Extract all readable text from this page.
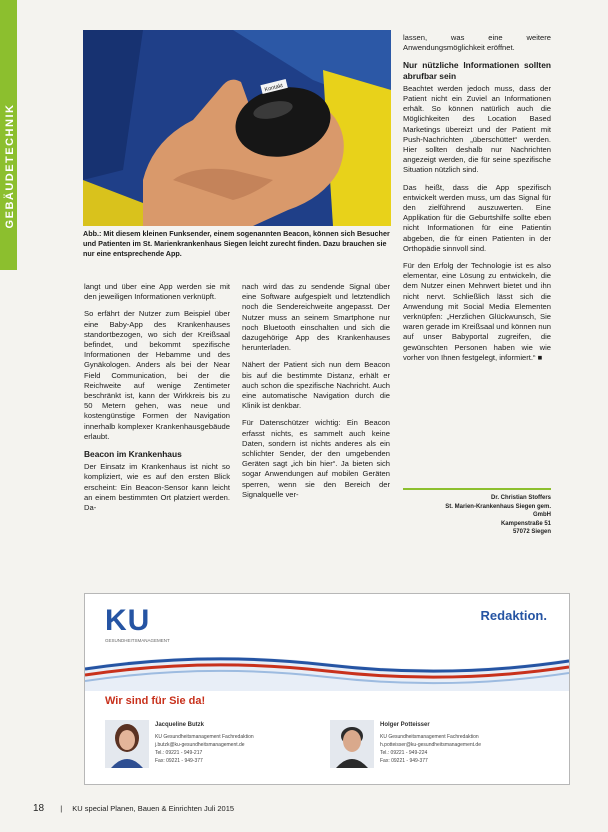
GEBÄUDETECHNIK
Kontakt
Abb.: Mit diesem kleinen Funksender, einem sogenannten Beacon, können sich Besucher und Patienten im St. Marienkrankenhaus Siegen leicht zurecht finden. Dazu brauchen sie nur eine entsprechende App.

langt und über eine App werden sie mit den jeweiligen Informationen verknüpft.

So erfährt der Nutzer zum Beispiel über eine Baby-App des Krankenhauses standortbezogen, wo sich der Kreißsaal befindet, und bekommt spezifische Informationen der Hebamme und des Gynäkologen. Anders als bei der Near Field Communication, bei der die Reichweite auf wenige Zentimeter beschränkt ist, kann der Wirkkreis bis zu 50 Metern gehen, was neue und kostengünstige Formen der Navigation innerhalb komplexer Krankenhausgebäude erlaubt.

Beacon im Krankenhaus

Der Einsatz im Krankenhaus ist nicht so kompliziert, wie es auf den ersten Blick erscheint: Ein Beacon-Sensor kann leicht an einem bestimmten Ort platziert werden. Da-

nach wird das zu sendende Signal über eine Software aufgespielt und letztendlich noch die Sendereichweite angepasst. Der Nutzer muss an seinem Smartphone nur noch Bluetooth einschalten und sich die dazugehörige App des Krankenhauses herunterladen.

Nähert der Patient sich nun dem Beacon bis auf die bestimmte Distanz, erhält er auch schon die spezifische Nachricht. Auch eine automatische Navigation durch die Klinik ist denkbar.

Für Datenschützer wichtig: Ein Beacon erfasst nichts, es sammelt auch keine Daten, sondern ist nichts anderes als ein schlichter Sender, der den umgebenden Geräten sagt „ich bin hier“. Ja bieten sich sogar Anwendungen auf mobilen Geräten sperren, wenn sie den Bereich der Signalquelle ver-

lassen, was eine weitere Anwendungsmöglichkeit eröffnet.

Nur nützliche Informationen sollten abrufbar sein

Beachtet werden jedoch muss, dass der Patient nicht ein Zuviel an Informationen erhält. So können natürlich auch die Möglichkeiten des Location Based Marketings übereizt und der Patient mit Push-Nachrichten „überschüttet“ werden. Hier sollten deshalb nur Nachrichten angezeigt werden, die für seine spezifische Situation nützlich sind.

Das heißt, dass die App spezifisch entwickelt werden muss, um das Signal für den zielführend auszuwerten. Eine Applikation für die Geburtshilfe sollte eben nicht Informationen für eine Patientin abgeben, die für einen Patienten in der Orthopädie sinnvoll sind.

Für den Erfolg der Technologie ist es also elementar, eine Lösung zu entwickeln, die dem Nutzer einen Mehrwert bietet und ihn nicht nervt. Schließlich lässt sich die Anwendung mit Social Media Elementen verknüpfen: „Herzlichen Glückwunsch, Sie waren gerade im Kreißsaal und können nun auf unser Babyportal zugreifen, die gewünschten Personen haben wie wie vorher von Ihnen festgelegt, informiert.“ ■

Dr. Christian Stoffers
St. Marien-Krankenhaus Siegen gem.
GmbH
Kampenstraße 51
57072 Siegen
KU
GESUNDHEITSMANAGEMENT
Redaktion.
Wir sind für Sie da!
Jacqueline Butzk
KU Gesundheitsmanagement Fachredaktion
j.butzk@ku-gesundheitsmanagement.de
Tel.: 09221 - 949-217
Fax: 09221 - 949-377
Holger Potteisser
KU Gesundheitsmanagement Fachredaktion
h.potteisser@ku-gesundheitsmanagement.de
Tel.: 09221 - 949-224
Fax: 09221 - 949-377
18 | KU special Planen, Bauen & Einrichten Juli 2015
